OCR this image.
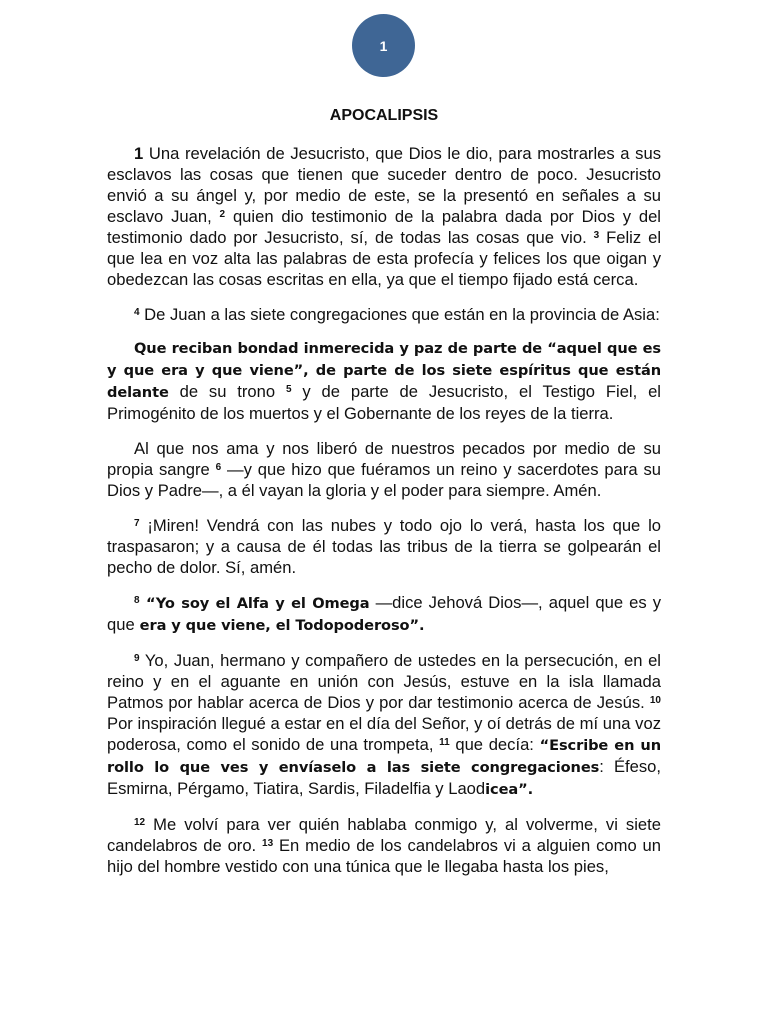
1
APOCALIPSIS

1 Una revelación de Jesucristo, que Dios le dio, para mostrarles a sus esclavos las cosas que tienen que suceder dentro de poco. Jesucristo envió a su ángel y, por medio de este, se la presentó en señales a su esclavo Juan, $^2$ quien dio testimonio de la palabra dada por Dios y del testimonio dado por Jesucristo, sí, de todas las cosas que vio. $^3$ Feliz el que lea en voz alta las palabras de esta profecía y felices los que oigan y obedezcan las cosas escritas en ella, ya que el tiempo fijado está cerca.

$^4$ De Juan a las siete congregaciones que están en la provincia de Asia:

Que reciban bondad inmerecida y paz de parte de “aquel que es y que era y que viene”, de parte de los siete espíritus que están delante de su trono $^5$ y de parte de Jesucristo, el Testigo Fiel, el Primogénito de los muertos y el Gobernante de los reyes de la tierra.

Al que nos ama y nos liberó de nuestros pecados por medio de su propia sangre $^6$ —y que hizo que fuéramos un reino y sacerdotes para su Dios y Padre—, a él vayan la gloria y el poder para siempre. Amén.

$^7$ ¡Miren! Vendrá con las nubes y todo ojo lo verá, hasta los que lo traspasaron; y a causa de él todas las tribus de la tierra se golpearán el pecho de dolor. Sí, amén.

$^8$ “Yo soy el Alfa y el Omega —dice Jehová Dios—, aquel que es y que era y que viene, el Todopoderoso”.

$^9$ Yo, Juan, hermano y compañero de ustedes en la persecución, en el reino y en el aguante en unión con Jesús, estuve en la isla llamada Patmos por hablar acerca de Dios y por dar testimonio acerca de Jesús. $^{10}$ Por inspiración llegué a estar en el día del Señor, y oí detrás de mí una voz poderosa, como el sonido de una trompeta, $^{11}$ que decía: “Escribe en un rollo lo que ves y envíaselo a las siete congregaciones: Éfeso, Esmirna, Pérgamo, Tiatira, Sardis, Filadelfia y Laodicea”.

$^{12}$ Me volví para ver quién hablaba conmigo y, al volverme, vi siete candelabros de oro. $^{13}$ En medio de los candelabros vi a alguien como un hijo del hombre vestido con una túnica que le llegaba hasta los pies,
